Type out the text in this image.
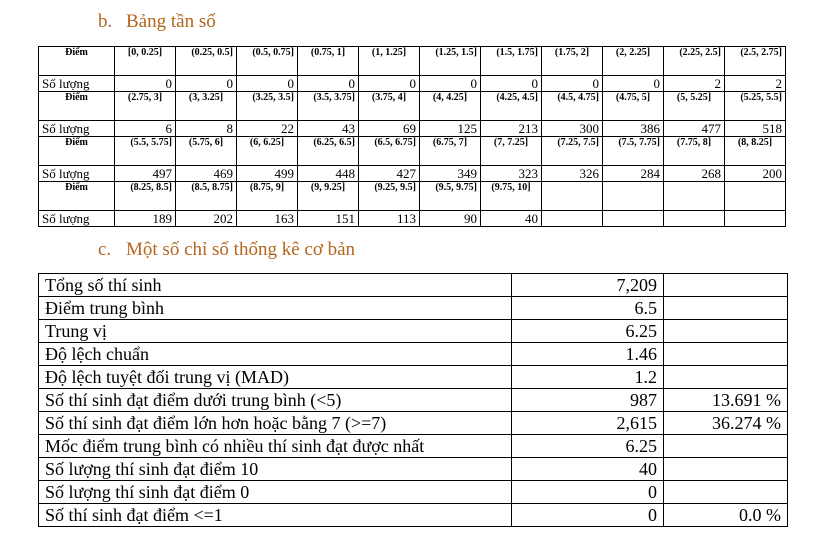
b. Bảng tần số
Điểm	[0, 0.25]	(0.25, 0.5]	(0.5, 0.75]	(0.75, 1]	(1, 1.25]	(1.25, 1.5]	(1.5, 1.75]	(1.75, 2]	(2, 2.25]	(2.25, 2.5]	(2.5, 2.75]
Số lượng	0	0	0	0	0	0	0	0	0	2	2
Điểm	(2.75, 3]	(3, 3.25]	(3.25, 3.5]	(3.5, 3.75]	(3.75, 4]	(4, 4.25]	(4.25, 4.5]	(4.5, 4.75]	(4.75, 5]	(5, 5.25]	(5.25, 5.5]
Số lượng	6	8	22	43	69	125	213	300	386	477	518
Điểm	(5.5, 5.75]	(5.75, 6]	(6, 6.25]	(6.25, 6.5]	(6.5, 6.75]	(6.75, 7]	(7, 7.25]	(7.25, 7.5]	(7.5, 7.75]	(7.75, 8]	(8, 8.25]
Số lượng	497	469	499	448	427	349	323	326	284	268	200
Điểm	(8.25, 8.5]	(8.5, 8.75]	(8.75, 9]	(9, 9.25]	(9.25, 9.5]	(9.5, 9.75]	(9.75, 10]				
Số lượng	189	202	163	151	113	90	40				
c. Một số chỉ số thống kê cơ bản
Tổng số thí sinh	7,209	
Điểm trung bình	6.5	
Trung vị	6.25	
Độ lệch chuẩn	1.46	
Độ lệch tuyệt đối trung vị (MAD)	1.2	
Số thí sinh đạt điểm dưới trung bình (<5)	987	13.691 %
Số thí sinh đạt điểm lớn hơn hoặc bằng 7 (>=7)	2,615	36.274 %
Mốc điểm trung bình có nhiều thí sinh đạt được nhất	6.25	
Số lượng thí sinh đạt điểm 10	40	
Số lượng thí sinh đạt điểm 0	0	
Số thí sinh đạt điểm <=1	0	0.0 %
